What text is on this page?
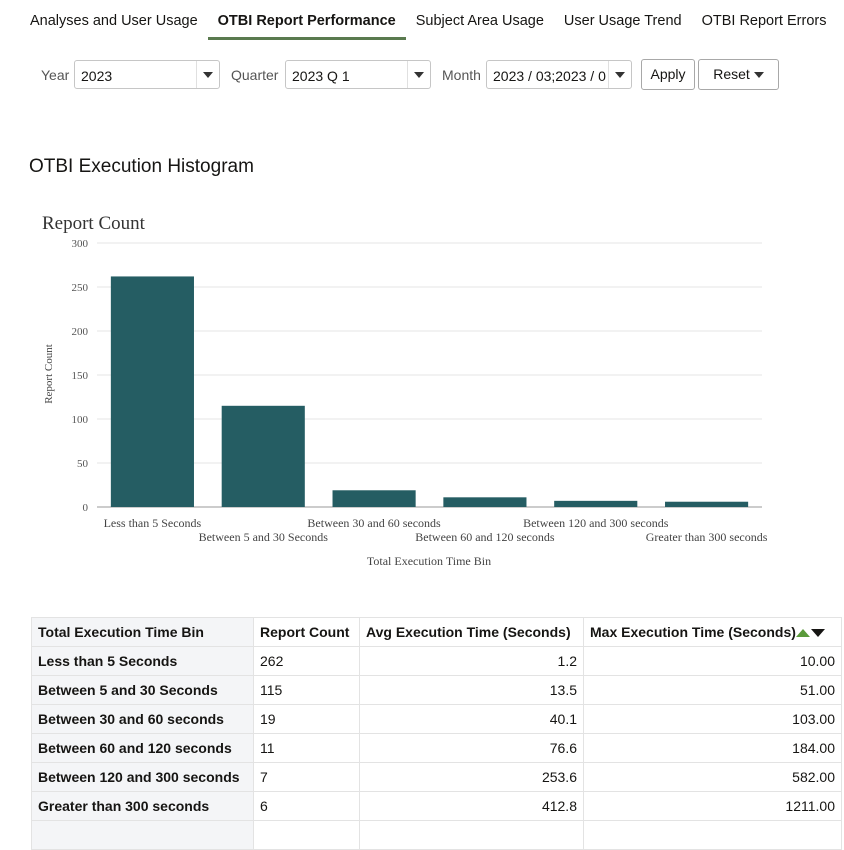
Analyses and User Usage	OTBI Report Performance	Subject Area Usage	User Usage Trend	OTBI Report Errors
Year 2023	Quarter 2023 Q 1	Month 2023 / 03;2023 / 0	Apply	Reset
OTBI Execution Histogram
Report Count
Report Count
Total Execution Time Bin
0
50
100
150
200
250
300
Less than 5 Seconds
Between 5 and 30 Seconds
Between 30 and 60 seconds
Between 60 and 120 seconds
Between 120 and 300 seconds
Greater than 300 seconds
Total Execution Time Bin	Report Count	Avg Execution Time (Seconds)	Max Execution Time (Seconds)
Less than 5 Seconds	262	1.2	10.00
Between 5 and 30 Seconds	115	13.5	51.00
Between 30 and 60 seconds	19	40.1	103.00
Between 60 and 120 seconds	11	76.6	184.00
Between 120 and 300 seconds	7	253.6	582.00
Greater than 300 seconds	6	412.8	1211.00
